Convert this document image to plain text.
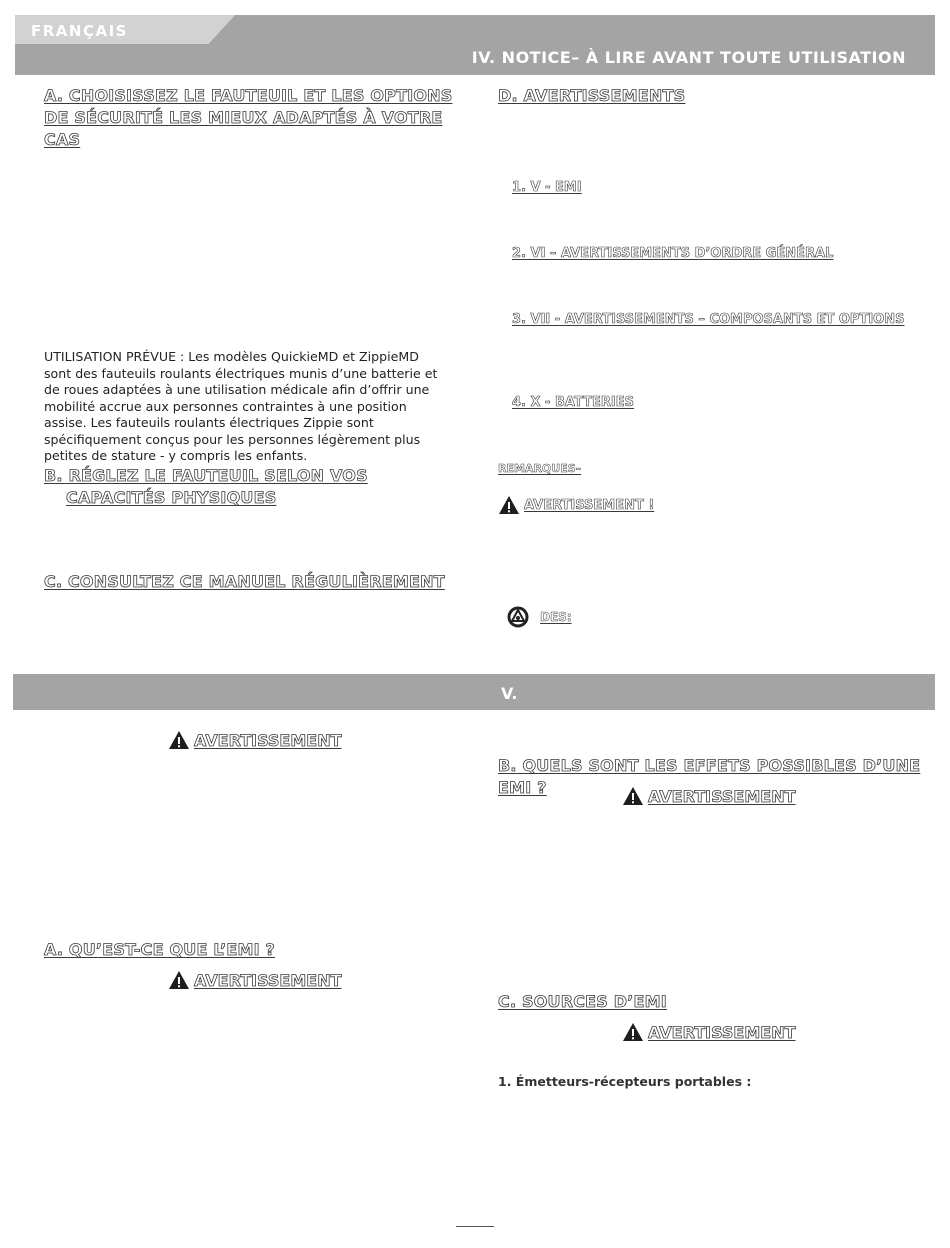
FRANÇAIS
IV. NOTICE– À LIRE AVANT TOUTE UTILISATION
A. CHOISISSEZ LE FAUTEUIL ET LES OPTIONS DE SÉCURITÉ LES MIEUX ADAPTÉS À VOTRE CAS
UTILISATION PRÉVUE : Les modèles QuickieMD et ZippieMD sont des fauteuils roulants électriques munis d’une batterie et de roues adaptées à une utilisation médicale afin d’offrir une mobilité accrue aux personnes contraintes à une position assise. Les fauteuils roulants électriques Zippie sont spécifiquement conçus pour les personnes légèrement plus petites de stature - y compris les enfants.
B. RÉGLEZ LE FAUTEUIL SELON VOS CAPACITÉS PHYSIQUES
C. CONSULTEZ CE MANUEL RÉGULIÈREMENT
D. AVERTISSEMENTS
1. V - EMI
2. VI – AVERTISSEMENTS D’ORDRE GÉNÉRAL
3. VII - AVERTISSEMENTS – COMPOSANTS ET OPTIONS
4. X - BATTERIES
REMARQUES–
AVERTISSEMENT !
DES:
V.
AVERTISSEMENT
A. QU’EST-CE QUE L’EMI ?
AVERTISSEMENT
B. QUELS SONT LES EFFETS POSSIBLES D’UNE EMI ?	AVERTISSEMENT
C. SOURCES D’EMI
AVERTISSEMENT
1. Émetteurs-récepteurs portables :
